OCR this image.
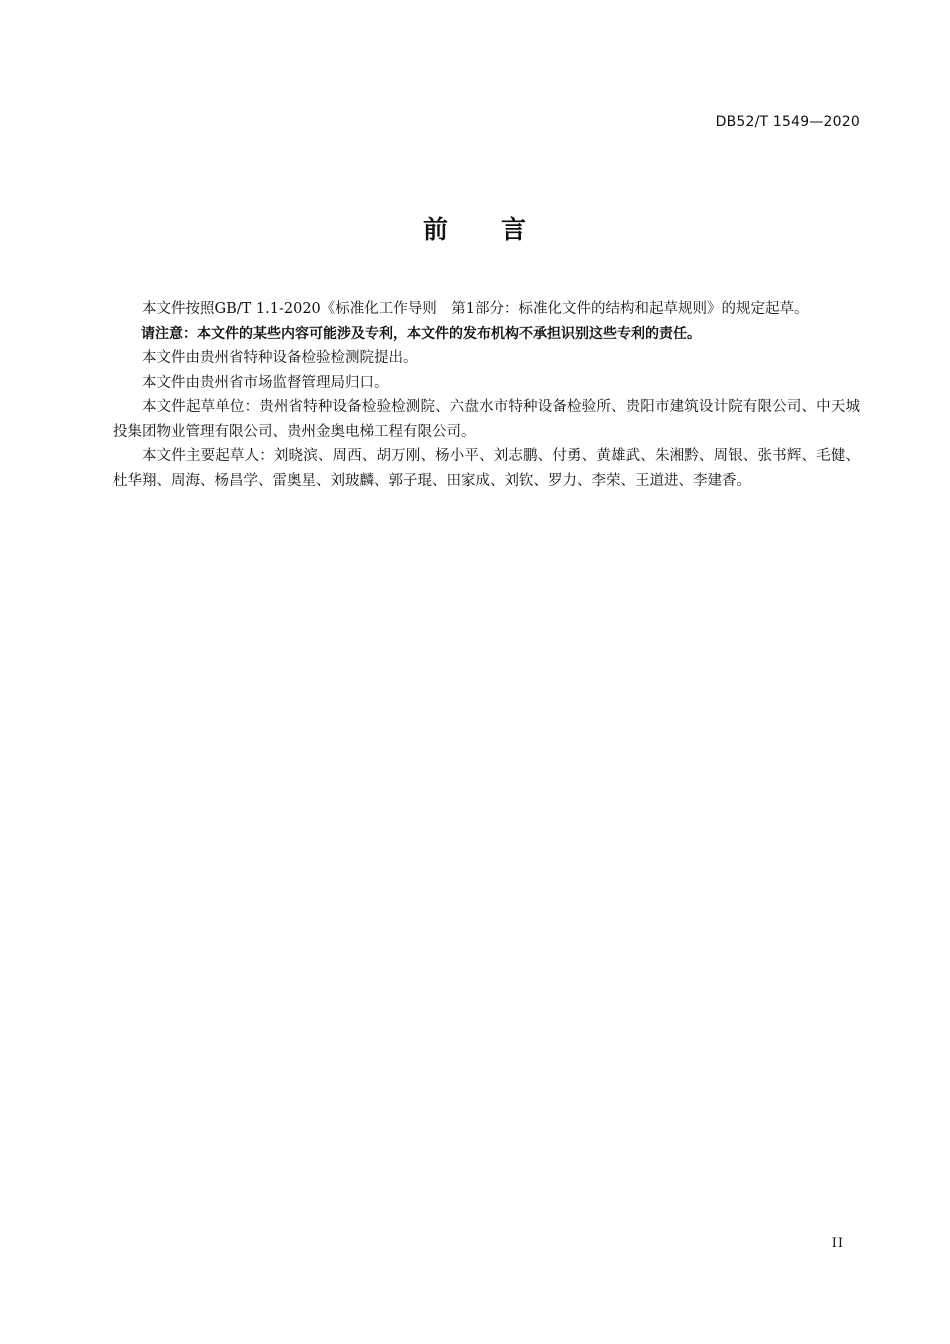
DB52/T 1549—2020
前 言

本文件按照GB/T 1.1-2020《标准化工作导则　第1部分：标准化文件的结构和起草规则》的规定起草。

请注意：本文件的某些内容可能涉及专利，本文件的发布机构不承担识别这些专利的责任。

本文件由贵州省特种设备检验检测院提出。

本文件由贵州省市场监督管理局归口。

本文件起草单位：贵州省特种设备检验检测院、六盘水市特种设备检验所、贵阳市建筑设计院有限公司、中天城投集团物业管理有限公司、贵州金奥电梯工程有限公司。

本文件主要起草人：刘晓滨、周西、胡万刚、杨小平、刘志鹏、付勇、黄雄武、朱湘黔、周银、张书辉、毛健、杜华翔、周海、杨昌学、雷奥星、刘玻麟、郭子琨、田家成、刘钦、罗力、李荣、王道进、李建香。

II
